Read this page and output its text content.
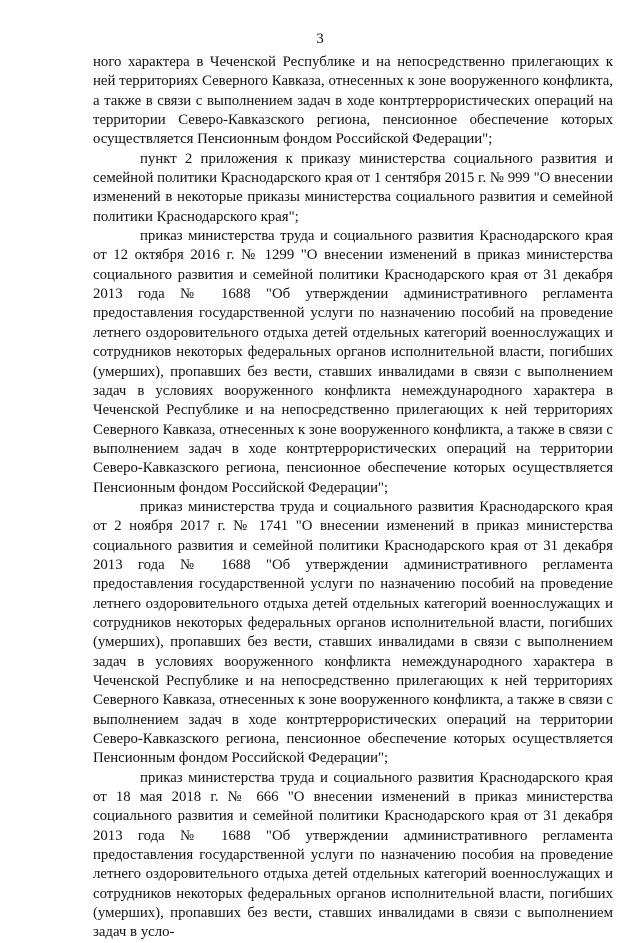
3

ного характера в Чеченской Республике и на непосредственно прилегающих к ней территориях Северного Кавказа, отнесенных к зоне вооруженного конфликта, а также в связи с выполнением задач в ходе контртеррористических операций на территории Северо-Кавказского региона, пенсионное обеспечение которых осуществляется Пенсионным фондом Российской Федерации";

пункт 2 приложения к приказу министерства социального развития и семейной политики Краснодарского края от 1 сентября 2015 г. № 999 "О внесении изменений в некоторые приказы министерства социального развития и семейной политики Краснодарского края";

приказ министерства труда и социального развития Краснодарского края от 12 октября 2016 г. № 1299 "О внесении изменений в приказ министерства социального развития и семейной политики Краснодарского края от 31 декабря 2013 года № 1688 "Об утверждении административного регламента предоставления государственной услуги по назначению пособий на проведение летнего оздоровительного отдыха детей отдельных категорий военнослужащих и сотрудников некоторых федеральных органов исполнительной власти, погибших (умерших), пропавших без вести, ставших инвалидами в связи с выполнением задач в условиях вооруженного конфликта немеждународного характера в Чеченской Республике и на непосредственно прилегающих к ней территориях Северного Кавказа, отнесенных к зоне вооруженного конфликта, а также в связи с выполнением задач в ходе контртеррористических операций на территории Северо-Кавказского региона, пенсионное обеспечение которых осуществляется Пенсионным фондом Российской Федерации";

приказ министерства труда и социального развития Краснодарского края от 2 ноября 2017 г. № 1741 "О внесении изменений в приказ министерства социального развития и семейной политики Краснодарского края от 31 декабря 2013 года № 1688 "Об утверждении административного регламента предоставления государственной услуги по назначению пособий на проведение летнего оздоровительного отдыха детей отдельных категорий военнослужащих и сотрудников некоторых федеральных органов исполнительной власти, погибших (умерших), пропавших без вести, ставших инвалидами в связи с выполнением задач в условиях вооруженного конфликта немеждународного характера в Чеченской Республике и на непосредственно прилегающих к ней территориях Северного Кавказа, отнесенных к зоне вооруженного конфликта, а также в связи с выполнением задач в ходе контртеррористических операций на территории Северо-Кавказского региона, пенсионное обеспечение которых осуществляется Пенсионным фондом Российской Федерации";

приказ министерства труда и социального развития Краснодарского края от 18 мая 2018 г. № 666 "О внесении изменений в приказ министерства социального развития и семейной политики Краснодарского края от 31 декабря 2013 года № 1688 "Об утверждении административного регламента предоставления государственной услуги по назначению пособия на проведение летнего оздоровительного отдыха детей отдельных категорий военнослужащих и сотрудников некоторых федеральных органов исполнительной власти, погибших (умерших), пропавших без вести, ставших инвалидами в связи с выполнением задач в усло-
